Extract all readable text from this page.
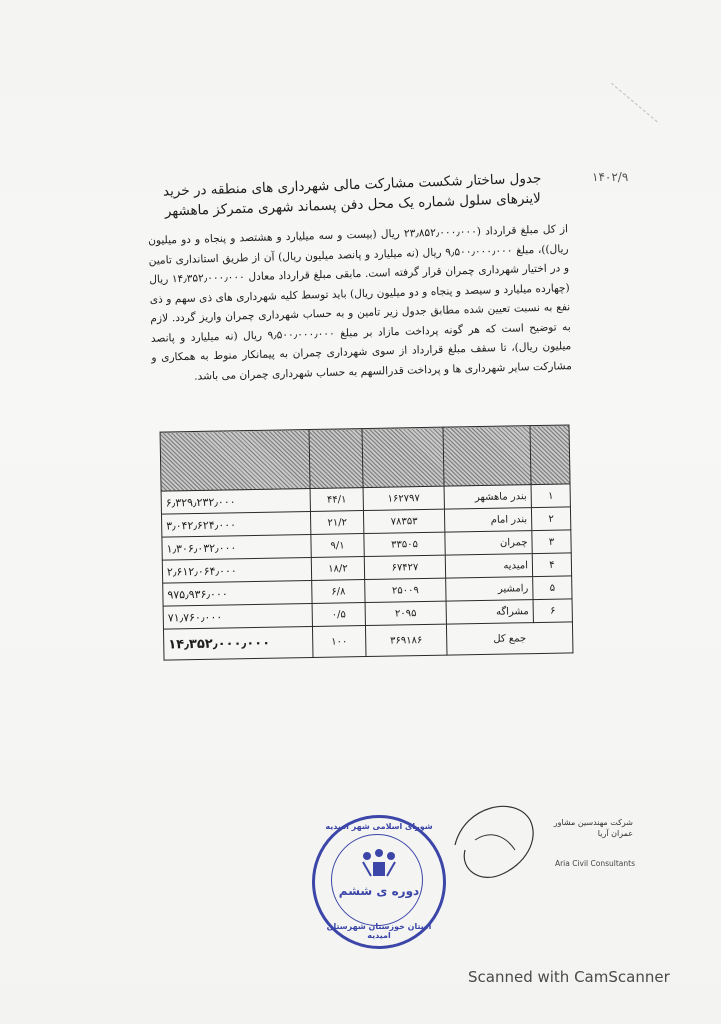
۱۴۰۲/۹
جدول ساختار شکست مشارکت مالی شهرداری های منطقه در خرید لاینرهای سلول شماره یک محل دفن پسماند شهری متمرکز ماهشهر
از کل مبلغ قرارداد (۲۳٫۸۵۲٫۰۰۰٫۰۰۰ ریال (بیست و سه میلیارد و هشتصد و پنجاه و دو میلیون ریال))، مبلغ ۹٫۵۰۰٫۰۰۰٫۰۰۰ ریال (نه میلیارد و پانصد میلیون ریال) آن از طریق استانداری تامین و در اختیار شهرداری چمران قرار گرفته است. مابقی مبلغ قرارداد معادل ۱۴٫۳۵۲٫۰۰۰٫۰۰۰ ریال (چهارده میلیارد و سیصد و پنجاه و دو میلیون ریال) باید توسط کلیه شهرداری های ذی سهم و ذی نفع به نسبت تعیین شده مطابق جدول زیر تامین و به حساب شهرداری چمران واریز گردد. لازم به توضیح است که هر گونه پرداخت مازاد بر مبلغ ۹٫۵۰۰٫۰۰۰٫۰۰۰ ریال (نه میلیارد و پانصد میلیون ریال)، تا سقف مبلغ قرارداد از سوی شهرداری چمران به پیمانکار منوط به همکاری و مشارکت سایر شهرداری ها و پرداخت قدرالسهم به حساب شهرداری چمران می باشد.

۱	بندر ماهشهر	۱۶۲۷۹۷	۴۴/۱	۶٫۳۲۹٫۲۳۲٫۰۰۰
۲	بندر امام	۷۸۳۵۳	۲۱/۲	۳٫۰۴۲٫۶۲۴٫۰۰۰
۳	چمران	۳۳۵۰۵	۹/۱	۱٫۳۰۶٫۰۳۲٫۰۰۰
۴	امیدیه	۶۷۴۲۷	۱۸/۲	۲٫۶۱۲٫۰۶۴٫۰۰۰
۵	رامشیر	۲۵۰۰۹	۶/۸	۹۷۵٫۹۳۶٫۰۰۰
۶	مشراگه	۲۰۹۵	۰/۵	۷۱٫۷۶۰٫۰۰۰
جمع کل		۳۶۹۱۸۶	۱۰۰	۱۴٫۳۵۲٫۰۰۰٫۰۰۰
شرکت مهندسین مشاور عمران آریا
Aria Civil Consultants
شورای اسلامی شهر امیدیه
دوره ی ششم
استان خوزستان شهرستان امیدیه
Scanned with CamScanner
